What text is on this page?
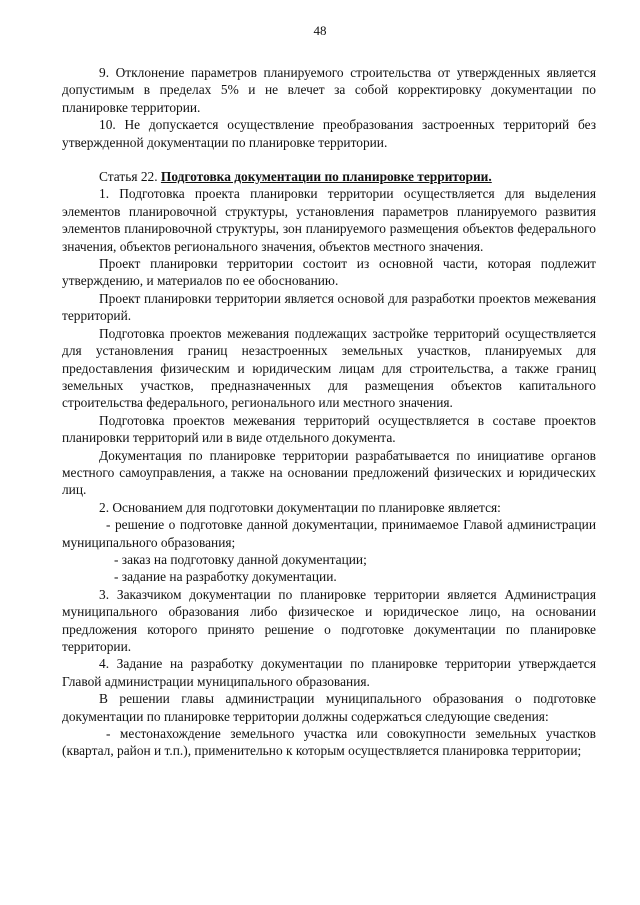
48

9. Отклонение параметров планируемого строительства от утвержденных является допустимым в пределах 5% и не влечет за собой корректировку документации по планировке территории.

10. Не допускается осуществление преобразования застроенных территорий без утвержденной документации по планировке территории.

Статья 22. Подготовка документации по планировке территории.

1. Подготовка проекта планировки территории осуществляется для выделения элементов планировочной структуры, установления параметров планируемого развития элементов планировочной структуры, зон планируемого размещения объектов федерального значения, объектов регионального значения, объектов местного значения.

Проект планировки территории состоит из основной части, которая подлежит утверждению, и материалов по ее обоснованию.

Проект планировки территории является основой для разработки проектов межевания территорий.

Подготовка проектов межевания подлежащих застройке территорий осуществляется для установления границ незастроенных земельных участков, планируемых для предоставления физическим и юридическим лицам для строительства, а также границ земельных участков, предназначенных для размещения объектов капитального строительства федерального, регионального или местного значения.

Подготовка проектов межевания территорий осуществляется в составе проектов планировки территорий или в виде отдельного документа.

Документация по планировке территории разрабатывается по инициативе органов местного самоуправления, а также на основании предложений физических и юридических лиц.

2. Основанием для подготовки документации по планировке является:

- решение о подготовке данной документации, принимаемое Главой администрации муниципального образования;

- заказ на подготовку данной документации;

- задание на разработку документации.

3. Заказчиком документации по планировке территории является Администрация муниципального образования либо физическое и юридическое лицо, на основании предложения которого принято решение о подготовке документации по планировке территории.

4. Задание на разработку документации по планировке территории утверждается Главой администрации муниципального образования.

В решении главы администрации муниципального образования о подготовке документации по планировке территории должны содержаться следующие сведения:

- местонахождение земельного участка или совокупности земельных участков (квартал, район и т.п.), применительно к которым осуществляется планировка территории;
